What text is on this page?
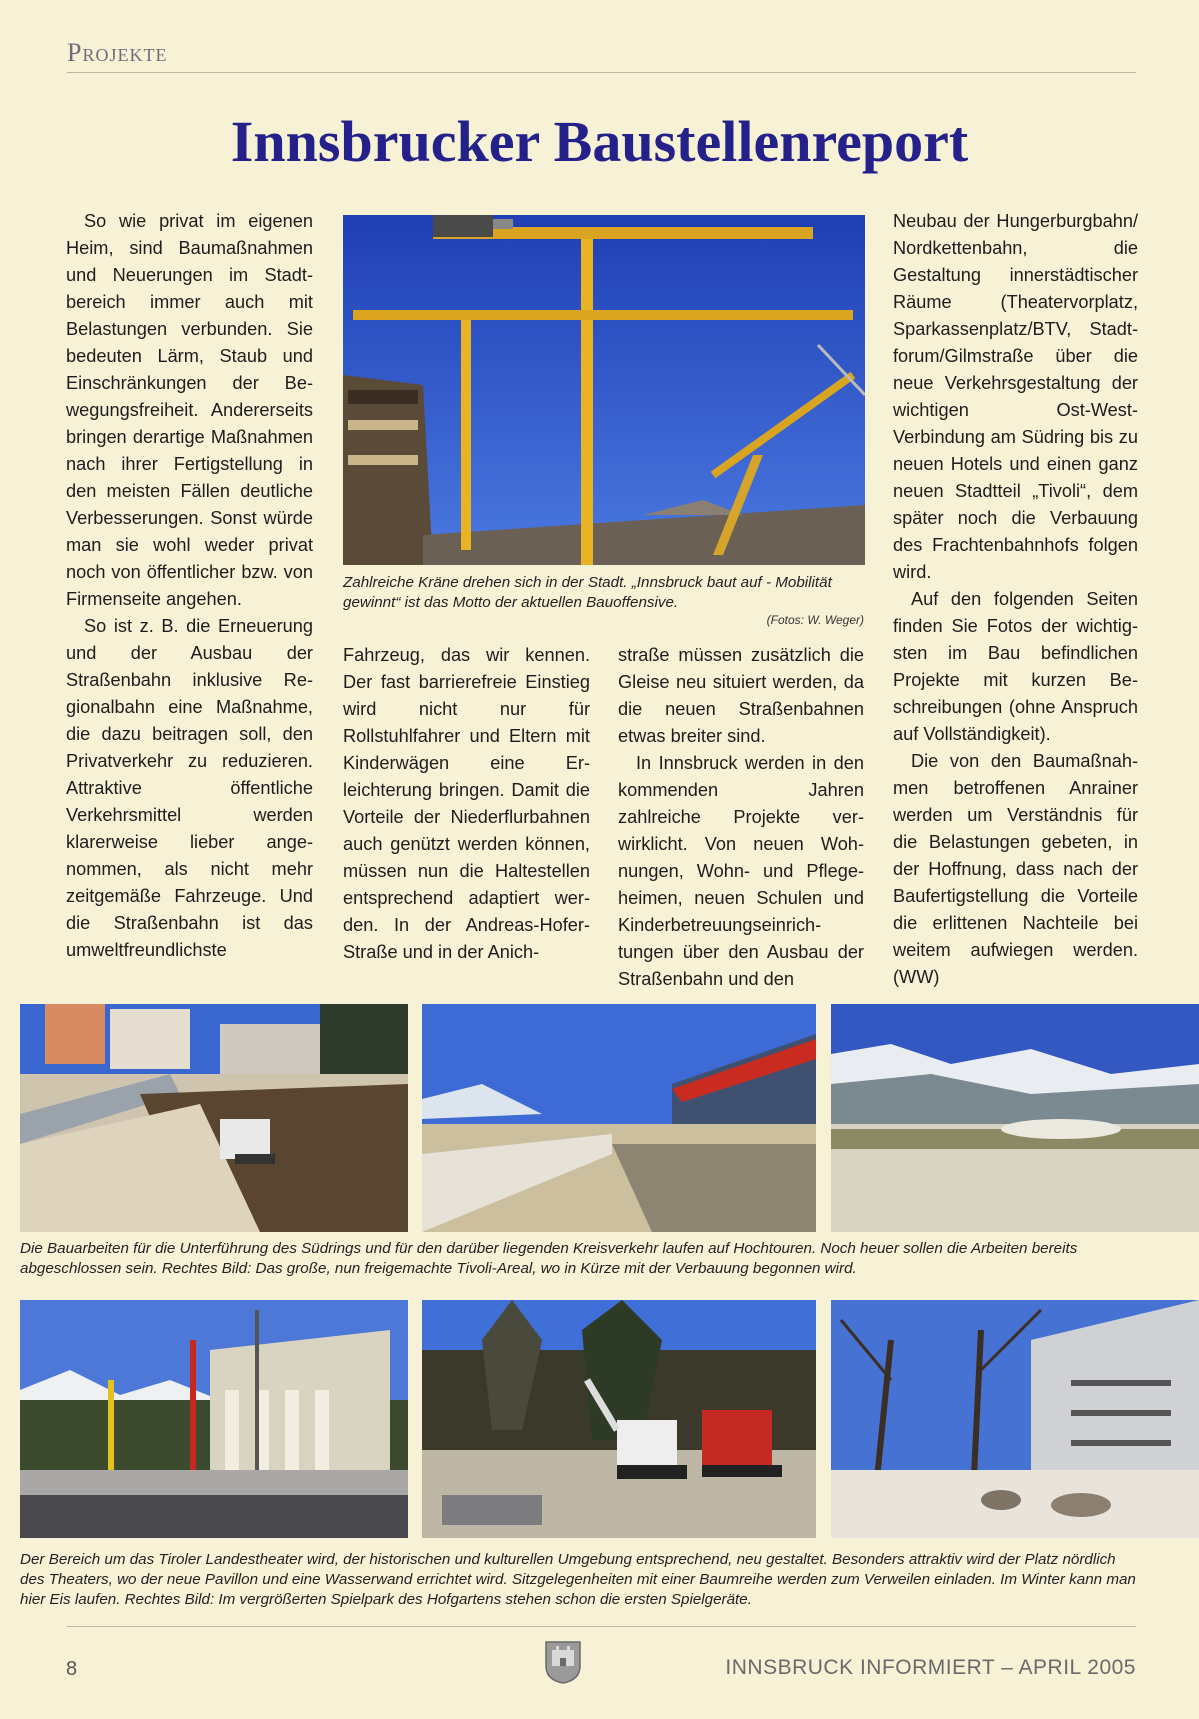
Projekte
Innsbrucker Baustellenreport

So wie privat im eigenen Heim, sind Baumaßnahmen und Neuerungen im Stadtbereich immer auch mit Belastungen verbunden. Sie bedeuten Lärm, Staub und Einschränkungen der Bewegungsfreiheit. Andererseits bringen derartige Maßnahmen nach ihrer Fertigstellung in den meisten Fällen deutliche Verbesserungen. Sonst würde man sie wohl weder privat noch von öffentlicher bzw. von Firmenseite angehen.

So ist z. B. die Erneuerung und der Ausbau der Straßenbahn inklusive Regionalbahn eine Maßnahme, die dazu beitragen soll, den Privatverkehr zu reduzieren. Attraktive öffentliche Verkehrsmittel werden klarerweise lieber angenommen, als nicht mehr zeitgemäße Fahrzeuge. Und die Straßenbahn ist das umweltfreundlichste

Zahlreiche Kräne drehen sich in der Stadt. „Innsbruck baut auf - Mobilität gewinnt“ ist das Motto der aktuellen Bauoffensive.
(Fotos: W. Weger)

Fahrzeug, das wir kennen. Der fast barrierefreie Einstieg wird nicht nur für Rollstuhlfahrer und Eltern mit Kinderwägen eine Erleichterung bringen. Damit die Vorteile der Niederflurbahnen auch genützt werden können, müssen nun die Haltestellen entsprechend adaptiert werden. In der Andreas-Hofer-Straße und in der Anich-

straße müssen zusätzlich die Gleise neu situiert werden, da die neuen Straßenbahnen etwas breiter sind.

In Innsbruck werden in den kommenden Jahren zahlreiche Projekte verwirklicht. Von neuen Wohnungen, Wohn- und Pflegeheimen, neuen Schulen und Kinderbetreuungseinrichtungen über den Ausbau der Straßenbahn und den

Neubau der Hungerburgbahn/ Nordkettenbahn, die Gestaltung innerstädtischer Räume (Theatervorplatz, Sparkassenplatz/BTV, Stadtforum/Gilmstraße über die neue Verkehrsgestaltung der wichtigen Ost-West-Verbindung am Südring bis zu neuen Hotels und einen ganz neuen Stadtteil „Tivoli“, dem später noch die Verbauung des Frachtenbahnhofs folgen wird.

Auf den folgenden Seiten finden Sie Fotos der wichtigsten im Bau befindlichen Projekte mit kurzen Beschreibungen (ohne Anspruch auf Vollständigkeit).

Die von den Baumaßnahmen betroffenen Anrainer werden um Verständnis für die Belastungen gebeten, in der Hoffnung, dass nach der Baufertigstellung die Vorteile die erlittenen Nachteile bei weitem aufwiegen werden. (WW)

Die Bauarbeiten für die Unterführung des Südrings und für den darüber liegenden Kreisverkehr laufen auf Hochtouren. Noch heuer sollen die Arbeiten bereits abgeschlossen sein. Rechtes Bild: Das große, nun freigemachte Tivoli-Areal, wo in Kürze mit der Verbauung begonnen wird.
Der Bereich um das Tiroler Landestheater wird, der historischen und kulturellen Umgebung entsprechend, neu gestaltet. Besonders attraktiv wird der Platz nördlich des Theaters, wo der neue Pavillon und eine Wasserwand errichtet wird. Sitzgelegenheiten mit einer Baumreihe werden zum Verweilen einladen. Im Winter kann man hier Eis laufen. Rechtes Bild: Im vergrößerten Spielpark des Hofgartens stehen schon die ersten Spielgeräte.
8	INNSBRUCK INFORMIERT – APRIL 2005
